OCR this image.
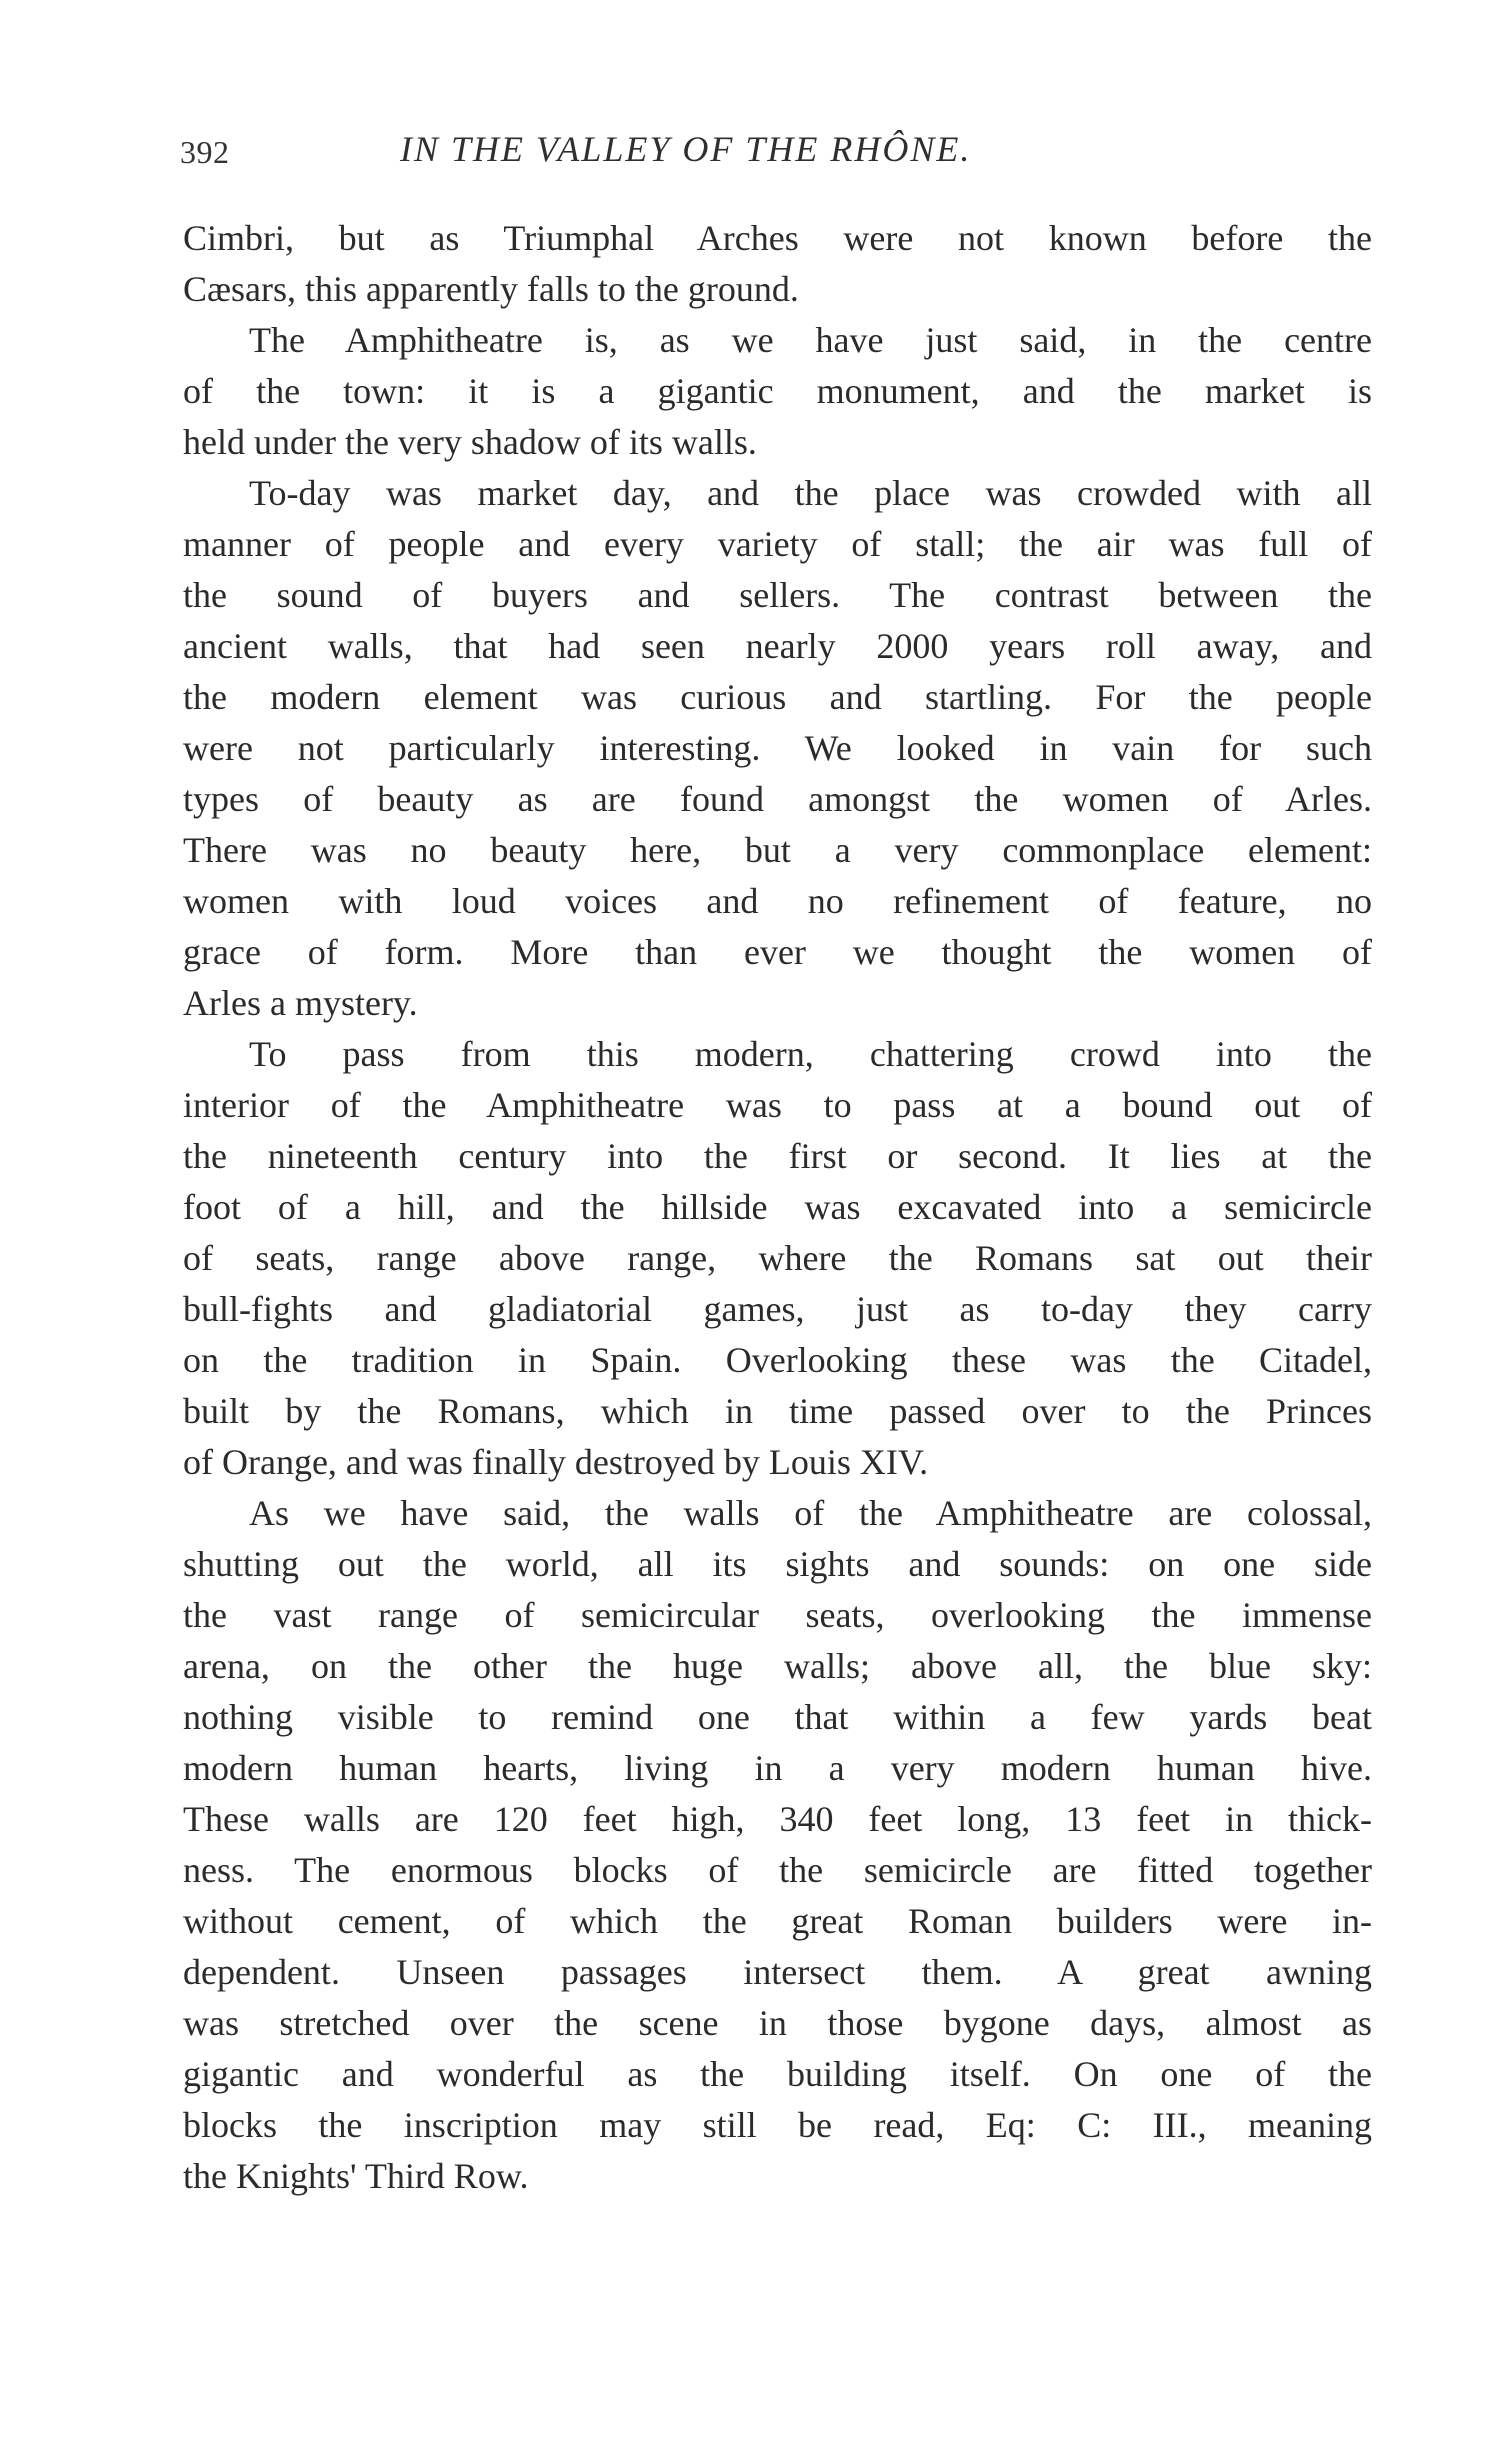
392	IN THE VALLEY OF THE RHÔNE.
Cimbri, but as Triumphal Arches were not known before the
Cæsars, this apparently falls to the ground.
The Amphitheatre is, as we have just said, in the centre
of the town: it is a gigantic monument, and the market is
held under the very shadow of its walls.
To-day was market day, and the place was crowded with all
manner of people and every variety of stall; the air was full of
the sound of buyers and sellers. The contrast between the
ancient walls, that had seen nearly 2000 years roll away, and
the modern element was curious and startling. For the people
were not particularly interesting. We looked in vain for such
types of beauty as are found amongst the women of Arles.
There was no beauty here, but a very commonplace element:
women with loud voices and no refinement of feature, no
grace of form. More than ever we thought the women of
Arles a mystery.
To pass from this modern, chattering crowd into the
interior of the Amphitheatre was to pass at a bound out of
the nineteenth century into the first or second. It lies at the
foot of a hill, and the hillside was excavated into a semicircle
of seats, range above range, where the Romans sat out their
bull-fights and gladiatorial games, just as to-day they carry
on the tradition in Spain. Overlooking these was the Citadel,
built by the Romans, which in time passed over to the Princes
of Orange, and was finally destroyed by Louis XIV.
As we have said, the walls of the Amphitheatre are colossal,
shutting out the world, all its sights and sounds: on one side
the vast range of semicircular seats, overlooking the immense
arena, on the other the huge walls; above all, the blue sky:
nothing visible to remind one that within a few yards beat
modern human hearts, living in a very modern human hive.
These walls are 120 feet high, 340 feet long, 13 feet in thick-
ness. The enormous blocks of the semicircle are fitted together
without cement, of which the great Roman builders were in-
dependent. Unseen passages intersect them. A great awning
was stretched over the scene in those bygone days, almost as
gigantic and wonderful as the building itself. On one of the
blocks the inscription may still be read, Eq: C: III., meaning
the Knights' Third Row.
